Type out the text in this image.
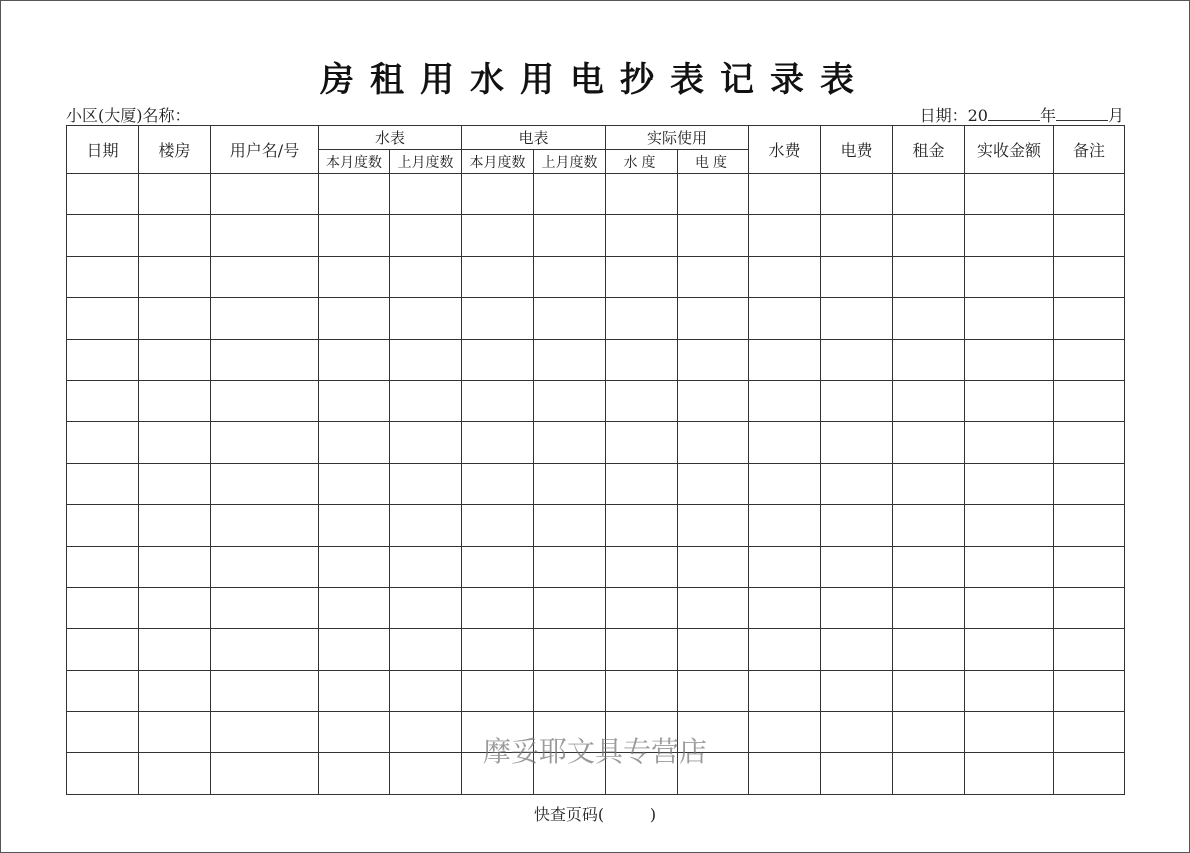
房租用水用电抄表记录表
小区(大厦)名称：	日期：20	年	月
日期	楼房	用户名/号	水表		电表		实际使用		水费	电费	租金	实收金额	备注
			本月度数	上月度数	本月度数	上月度数	水度	电度					

摩妥耶文具专营店
快查页码(         )
